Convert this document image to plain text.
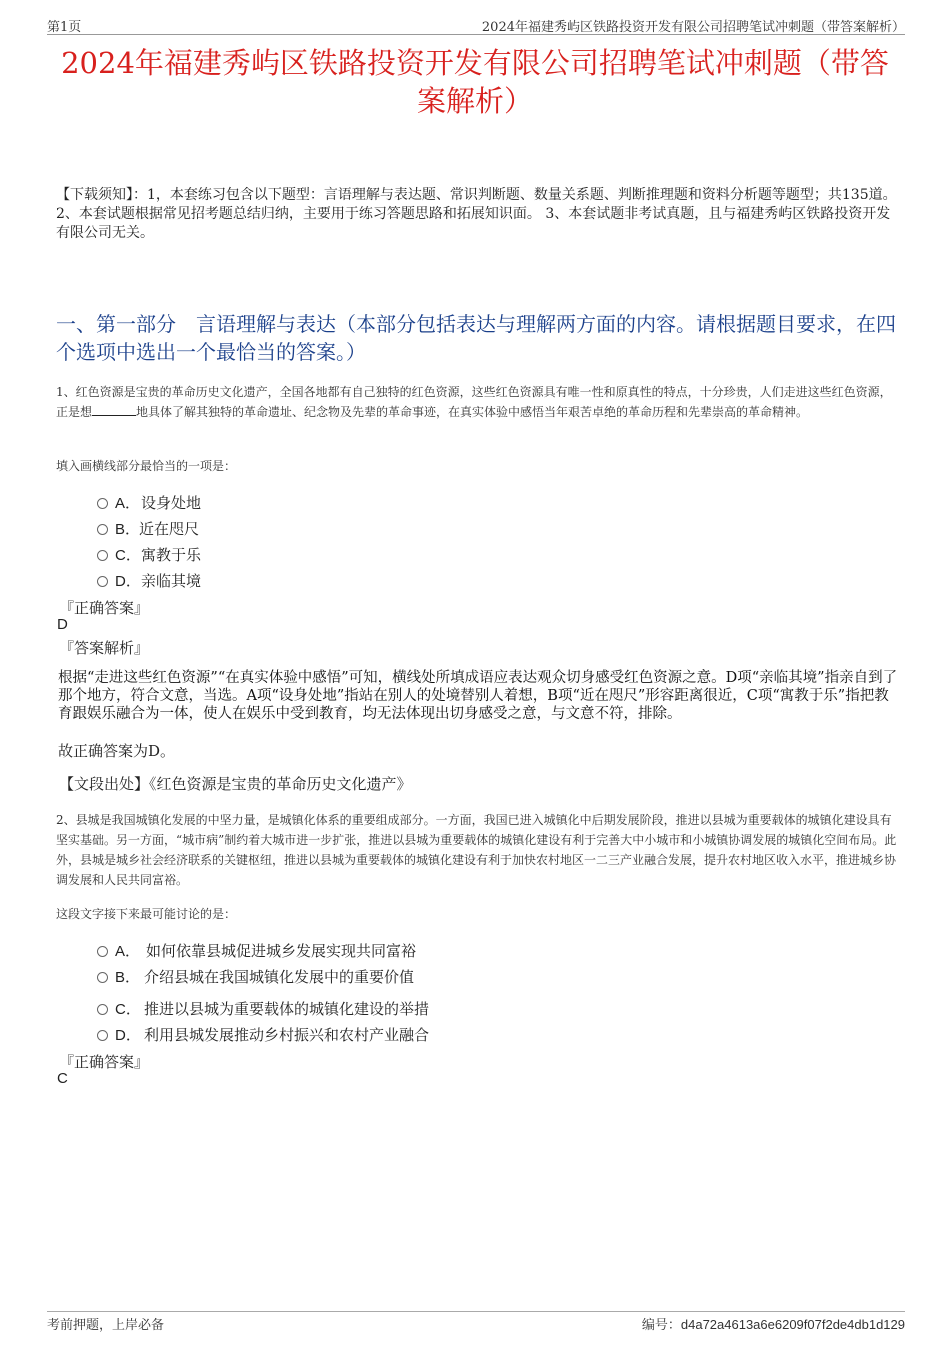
第1页	2024年福建秀屿区铁路投资开发有限公司招聘笔试冲刺题（带答案解析）
2024年福建秀屿区铁路投资开发有限公司招聘笔试冲刺题（带答案解析）
【下载须知】：1，本套练习包含以下题型：言语理解与表达题、常识判断题、数量关系题、判断推理题和资料分析题等题型；共135道。 2、本套试题根据常见招考题总结归纳，主要用于练习答题思路和拓展知识面。 3、本套试题非考试真题，且与福建秀屿区铁路投资开发有限公司无关。
一、第一部分　言语理解与表达（本部分包括表达与理解两方面的内容。请根据题目要求，在四个选项中选出一个最恰当的答案。）
1、红色资源是宝贵的革命历史文化遗产，全国各地都有自己独特的红色资源，这些红色资源具有唯一性和原真性的特点，十分珍贵，人们走进这些红色资源，正是想	地具体了解其独特的革命遗址、纪念物及先辈的革命事迹，在真实体验中感悟当年艰苦卓绝的革命历程和先辈崇高的革命精神。
填入画横线部分最恰当的一项是：
A． 设身处地
B．
近在咫尺
C． 寓教于乐
D． 亲临其境
『正确答案』
D
『答案解析』
根据“走进这些红色资源”“在真实体验中感悟”可知，横线处所填成语应表达观众切身感受红色资源之意。D项“亲临其境”指亲自到了那个地方，符合文意，当选。A项“设身处地”指站在别人的处境替别人着想，B项“近在咫尺”形容距离很近，C项“寓教于乐”指把教育跟娱乐融合为一体，使人在娱乐中受到教育，均无法体现出切身感受之意，与文意不符，排除。
故正确答案为D。
【文段出处】《红色资源是宝贵的革命历史文化遗产》
2、县城是我国城镇化发展的中坚力量，是城镇化体系的重要组成部分。一方面，我国已进入城镇化中后期发展阶段，推进以县城为重要载体的城镇化建设具有坚实基础。另一方面，“城市病”制约着大城市进一步扩张，推进以县城为重要载体的城镇化建设有利于完善大中小城市和小城镇协调发展的城镇化空间布局。此外，县城是城乡社会经济联系的关键枢纽，推进以县城为重要载体的城镇化建设有利于加快农村地区一二三产业融合发展，提升农村地区收入水平，推进城乡协调发展和人民共同富裕。
这段文字接下来最可能讨论的是：
A． 如何依靠县城促进城乡发展实现共同富裕
B． 介绍县城在我国城镇化发展中的重要价值
C． 推进以县城为重要载体的城镇化建设的举措
D． 利用县城发展推动乡村振兴和农村产业融合
『正确答案』
C
考前押题，上岸必备	编号：d4a72a4613a6e6209f07f2de4db1d129
